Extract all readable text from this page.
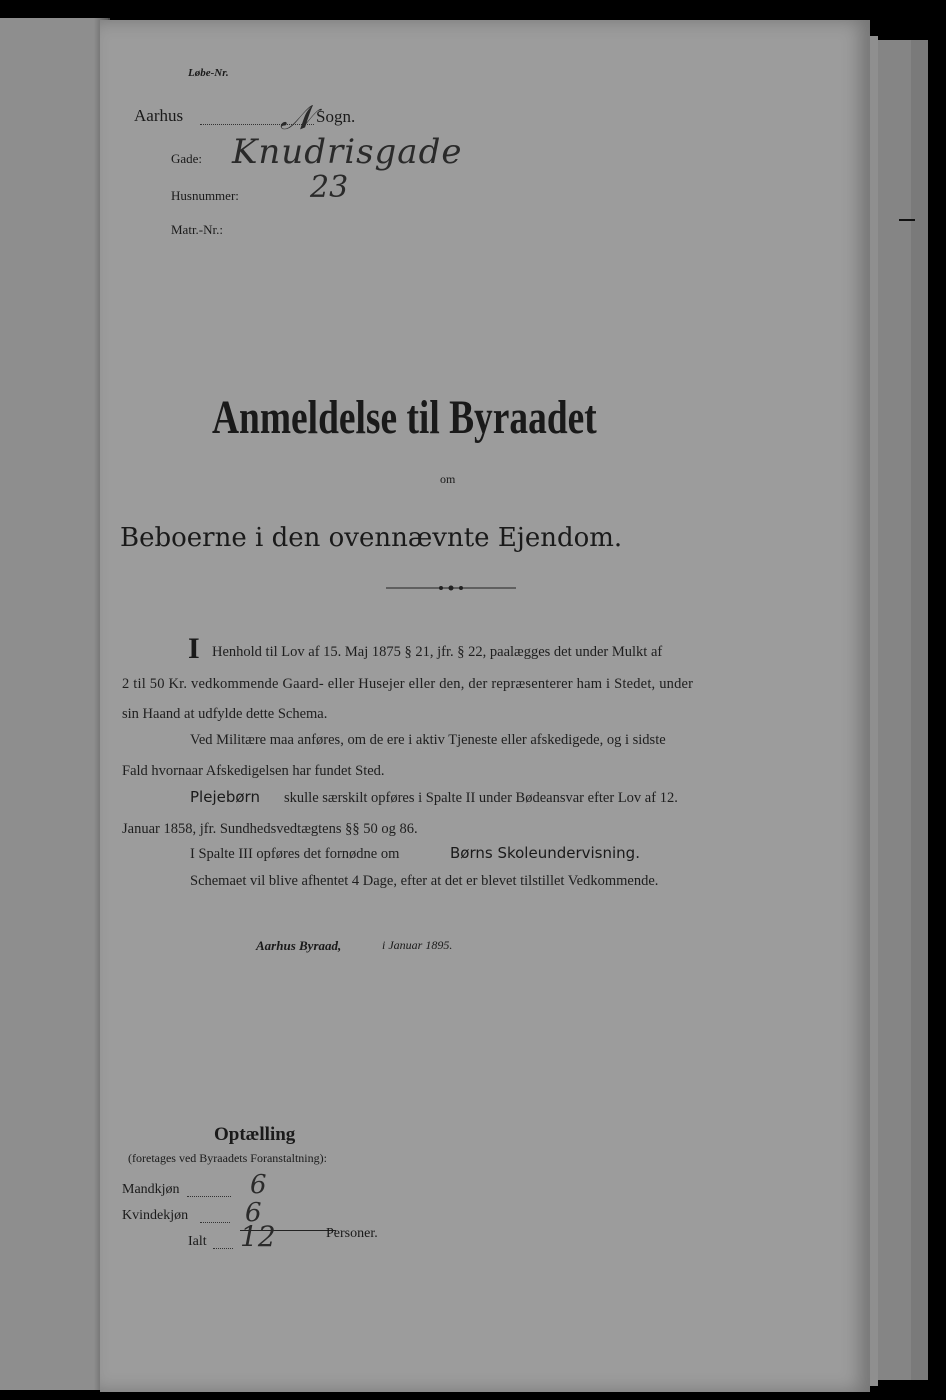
Løbe-Nr.
Aarhus	𝒩 Sogn.
Gade: Knudrisgade
Husnummer: 23
Matr.-Nr.:
Anmeldelse til Byraadet
om
Beboerne i den ovennævnte Ejendom.
I Henhold til Lov af 15. Maj 1875 § 21, jfr. § 22, paalægges det under Mulkt af
2 til 50 Kr. vedkommende Gaard- eller Husejer eller den, der repræsenterer ham i Stedet, under
sin Haand at udfylde dette Schema.
Ved Militære maa anføres, om de ere i aktiv Tjeneste eller afskedigede, og i sidste
Fald hvornaar Afskedigelsen har fundet Sted.
Plejebørn skulle særskilt opføres i Spalte II under Bødeansvar efter Lov af 12.
Januar 1858, jfr. Sundhedsvedtægtens §§ 50 og 86.
I Spalte III opføres det fornødne om	Børns Skoleundervisning.
Schemaet vil blive afhentet 4 Dage, efter at det er blevet tilstillet Vedkommende.
Aarhus Byraad,	i Januar 1895.
Optælling
(foretages ved Byraadets Foranstaltning):
Mandkjøn	6
Kvindekjøn 6
Ialt 12	Personer.
